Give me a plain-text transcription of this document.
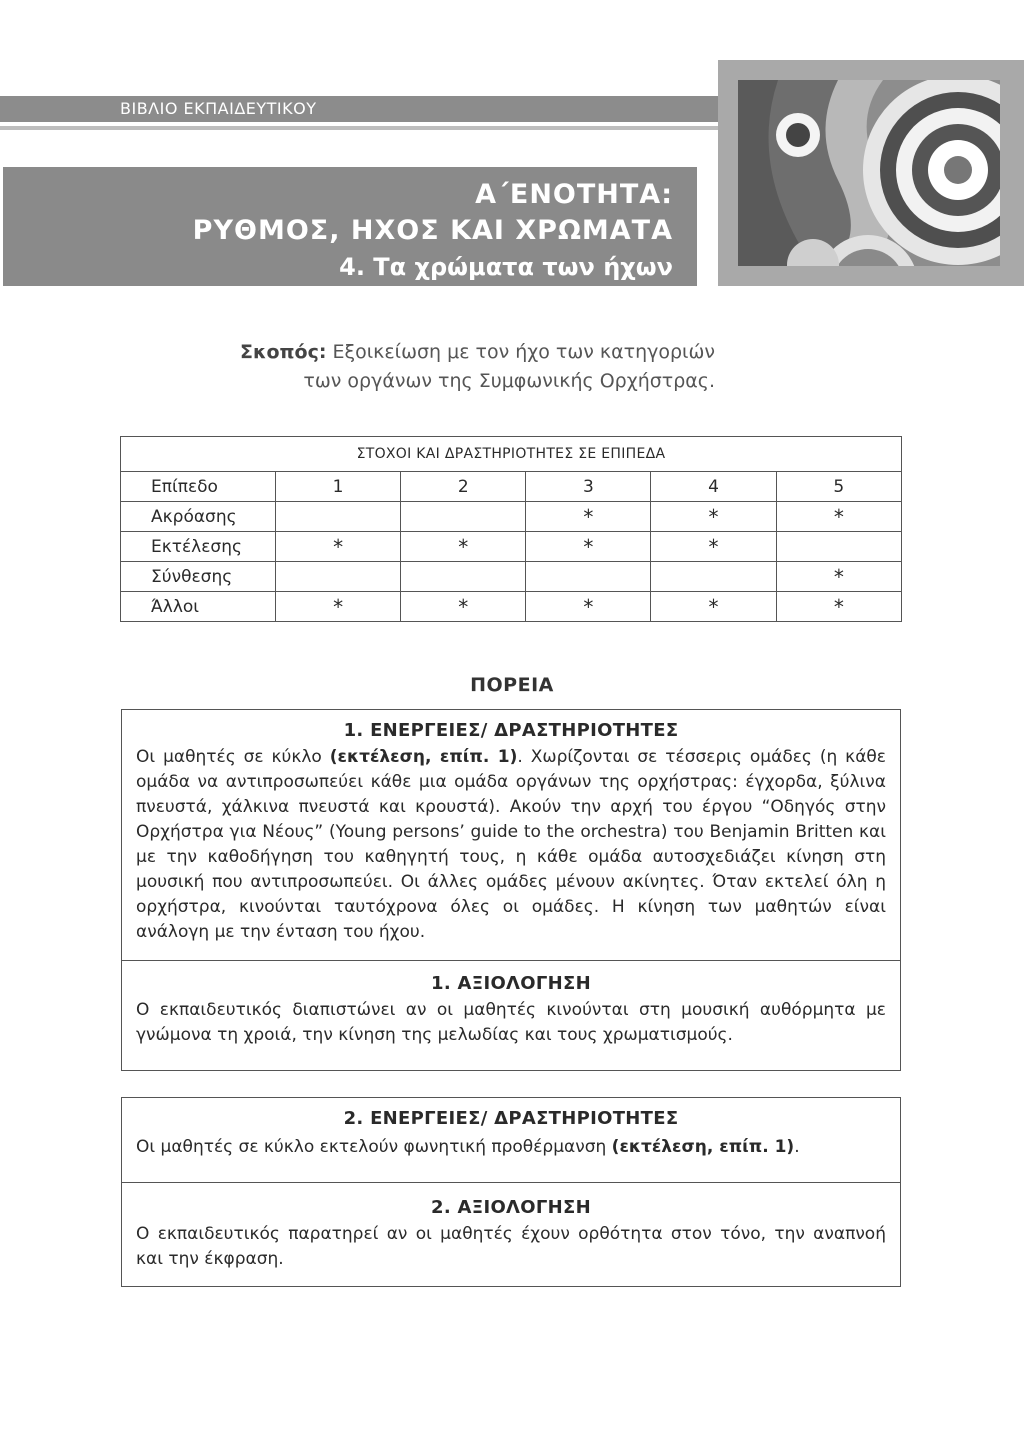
ΒΙΒΛΙΟ ΕΚΠΑΙΔΕΥΤΙΚΟΥ
Α΄ΕΝΟΤΗΤΑ:
ΡΥΘΜΟΣ, ΗΧΟΣ ΚΑΙ ΧΡΩΜΑΤΑ
4. Τα χρώματα των ήχων
Σκοπός: Εξοικείωση με τον ήχο των κατηγοριών
των οργάνων της Συμφωνικής Ορχήστρας.
ΣΤΟΧΟΙ ΚΑΙ ΔΡΑΣΤΗΡΙΟΤΗΤΕΣ ΣΕ ΕΠΙΠΕΔΑ					
Επίπεδο	1	2	3	4	5
Ακρόασης			*	*	*
Εκτέλεσης	*	*	*	*	
Σύνθεσης					*
Άλλοι	*	*	*	*	*
ΠΟΡΕΙΑ
1. ΕΝΕΡΓΕΙΕΣ/ ΔΡΑΣΤΗΡΙΟΤΗΤΕΣ

Οι μαθητές σε κύκλο (εκτέλεση, επίπ. 1). Χωρίζονται σε τέσσερις ομάδες (η κάθε ομάδα να αντιπροσωπεύει κάθε μια ομάδα οργάνων της ορχήστρας: έγχορδα, ξύλινα πνευστά, χάλκινα πνευστά και κρουστά). Ακούν την αρχή του έργου “Οδηγός στην Ορχήστρα για Νέους” (Young persons’ guide to the orchestra) του Benjamin Britten και με την καθοδήγηση του καθηγητή τους, η κάθε ομάδα αυτοσχεδιάζει κίνηση στη μουσική που αντιπροσωπεύει. Οι άλλες ομάδες μένουν ακίνητες. Όταν εκτελεί όλη η ορχήστρα, κινούνται ταυτόχρονα όλες οι ομάδες. Η κίνηση των μαθητών είναι ανάλογη με την ένταση του ήχου.

1. ΑΞΙΟΛΟΓΗΣΗ

Ο εκπαιδευτικός διαπιστώνει αν οι μαθητές κινούνται στη μουσική αυθόρμητα με γνώμονα τη χροιά, την κίνηση της μελωδίας και τους χρωματισμούς.

2. ΕΝΕΡΓΕΙΕΣ/ ΔΡΑΣΤΗΡΙΟΤΗΤΕΣ

Οι μαθητές σε κύκλο εκτελούν φωνητική προθέρμανση (εκτέλεση, επίπ. 1).

2. ΑΞΙΟΛΟΓΗΣΗ

Ο εκπαιδευτικός παρατηρεί αν οι μαθητές έχουν ορθότητα στον τόνο, την αναπνοή και την έκφραση.
